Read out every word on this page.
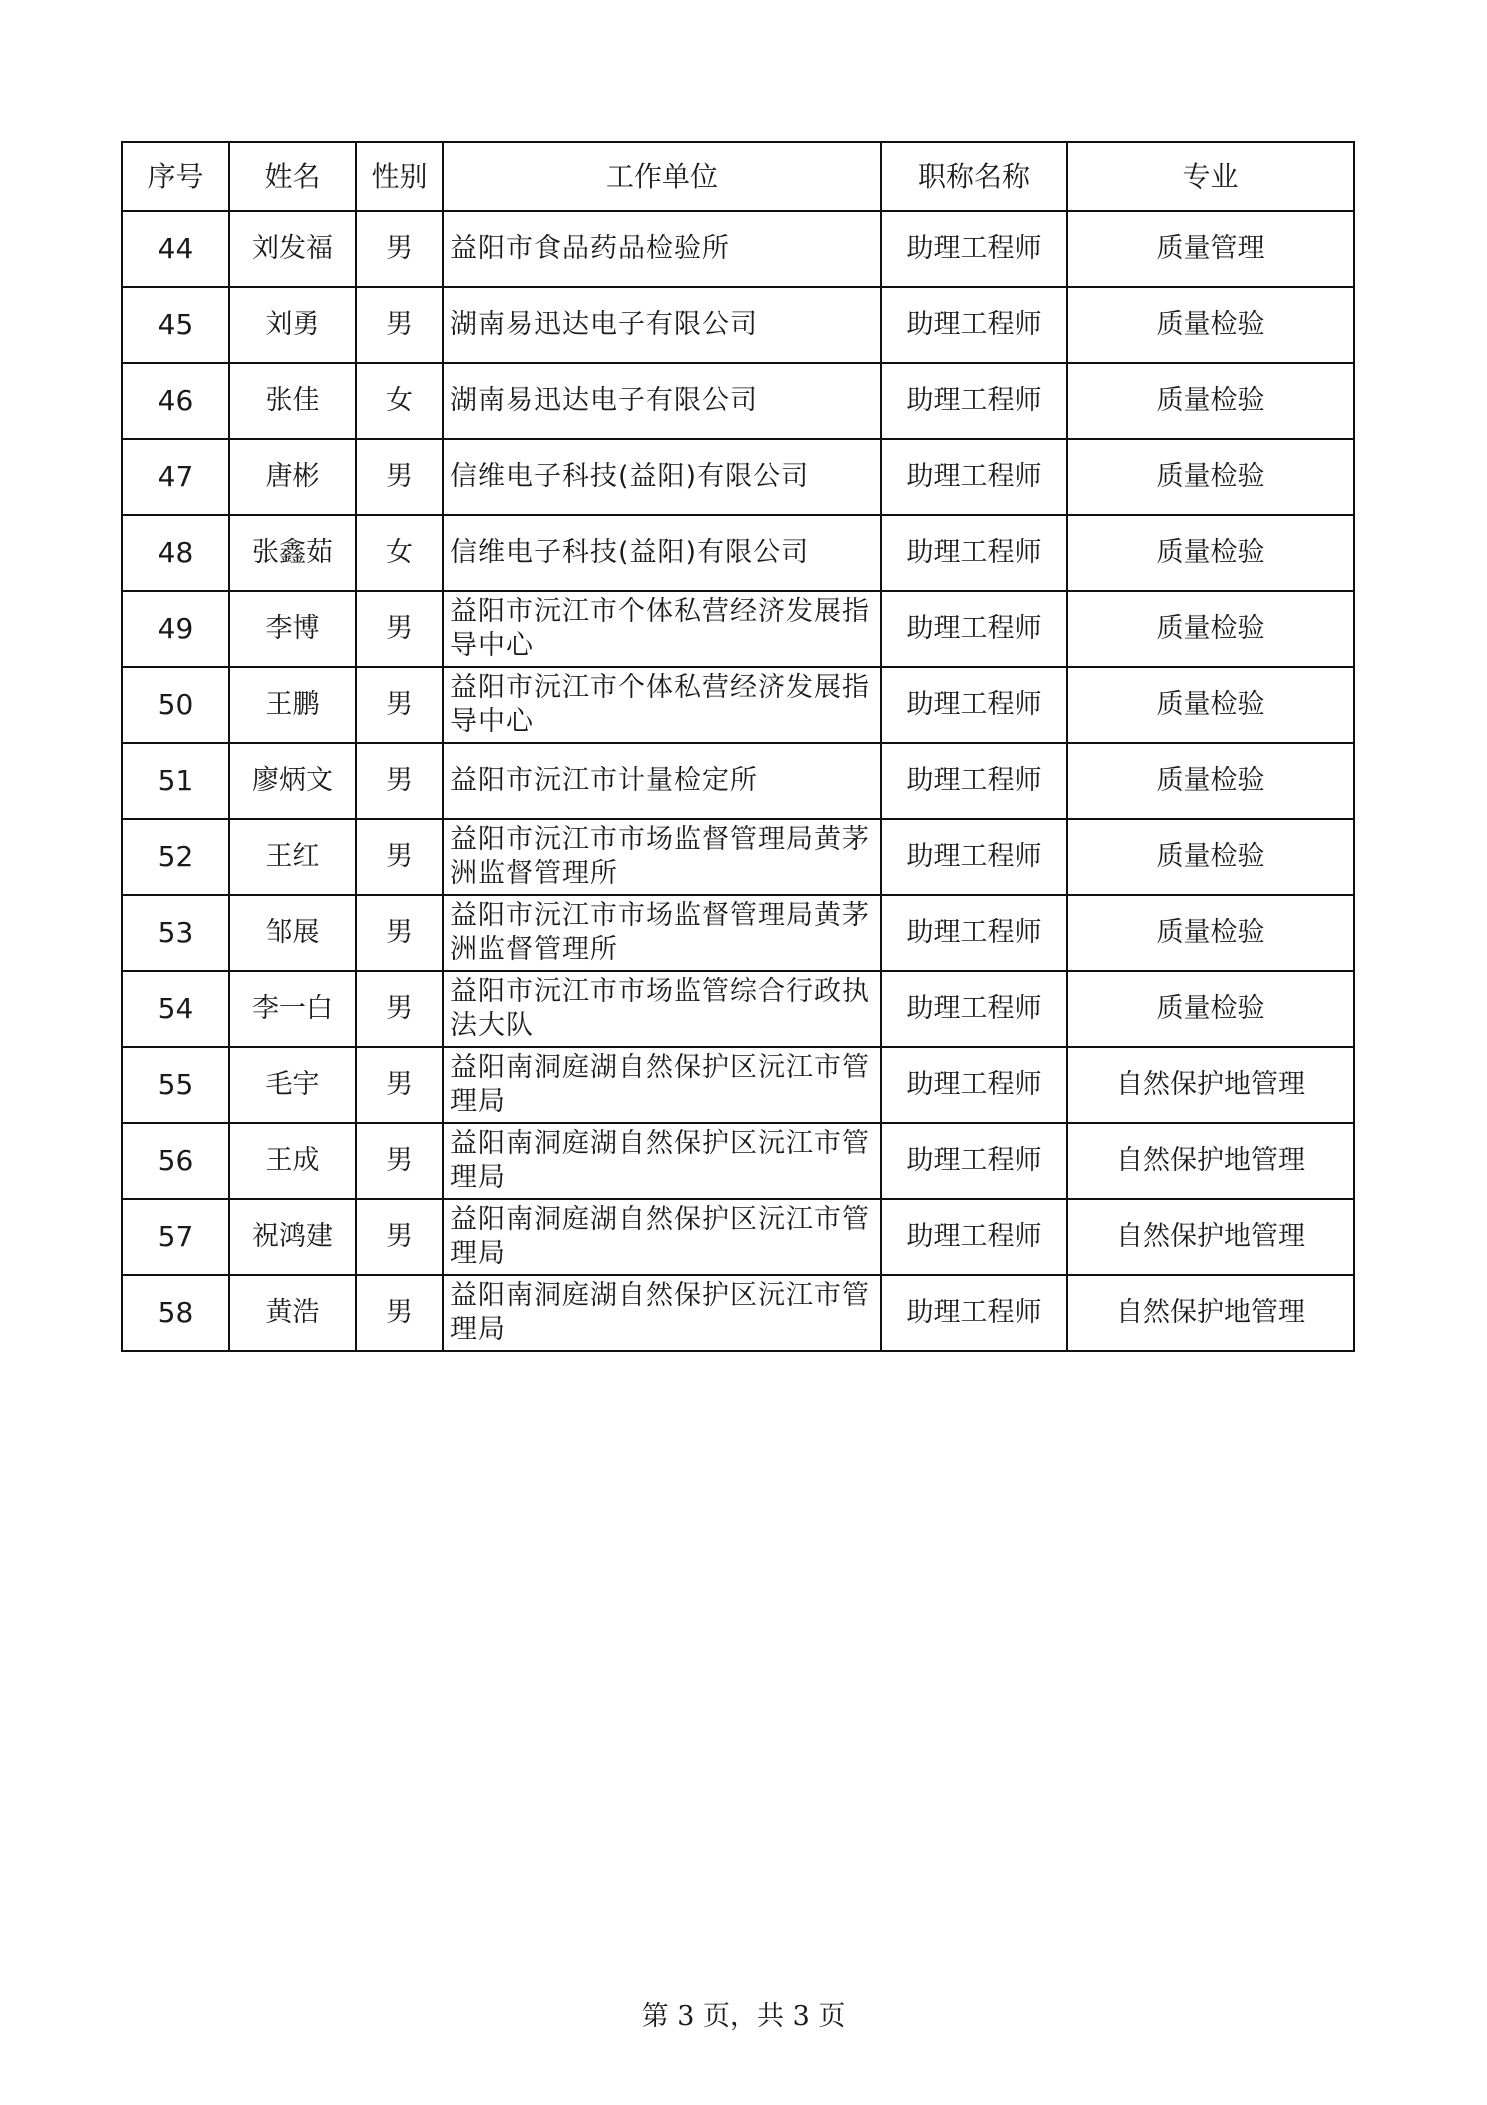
序号	姓名	性别	工作单位	职称名称	专业
44	刘发福	男	益阳市食品药品检验所	助理工程师	质量管理
45	刘勇	男	湖南易迅达电子有限公司	助理工程师	质量检验
46	张佳	女	湖南易迅达电子有限公司	助理工程师	质量检验
47	唐彬	男	信维电子科技(益阳)有限公司	助理工程师	质量检验
48	张鑫茹	女	信维电子科技(益阳)有限公司	助理工程师	质量检验
49	李博	男	益阳市沅江市个体私营经济发展指导中心	助理工程师	质量检验
50	王鹏	男	益阳市沅江市个体私营经济发展指导中心	助理工程师	质量检验
51	廖炳文	男	益阳市沅江市计量检定所	助理工程师	质量检验
52	王红	男	益阳市沅江市市场监督管理局黄茅洲监督管理所	助理工程师	质量检验
53	邹展	男	益阳市沅江市市场监督管理局黄茅洲监督管理所	助理工程师	质量检验
54	李一白	男	益阳市沅江市市场监管综合行政执法大队	助理工程师	质量检验
55	毛宇	男	益阳南洞庭湖自然保护区沅江市管理局	助理工程师	自然保护地管理
56	王成	男	益阳南洞庭湖自然保护区沅江市管理局	助理工程师	自然保护地管理
57	祝鸿建	男	益阳南洞庭湖自然保护区沅江市管理局	助理工程师	自然保护地管理
58	黄浩	男	益阳南洞庭湖自然保护区沅江市管理局	助理工程师	自然保护地管理
第 3 页，共 3 页
